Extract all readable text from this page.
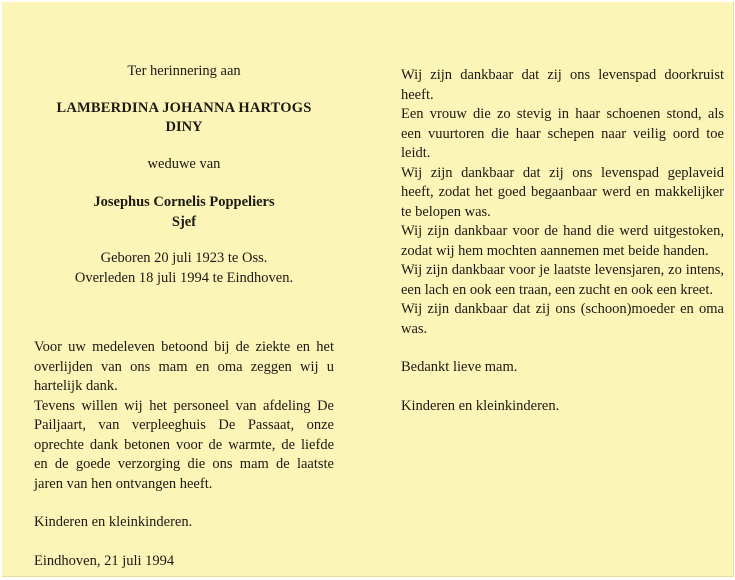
Ter herinnering aan
LAMBERDINA JOHANNA HARTOGS
DINY
weduwe van
Josephus Cornelis Poppeliers
Sjef
Geboren 20 juli 1923 te Oss.
Overleden 18 juli 1994 te Eindhoven.
Voor uw medeleven betoond bij de ziekte en het overlijden van ons mam en oma zeggen wij u hartelijk dank.
Tevens willen wij het personeel van afdeling De Pailjaart, van verpleeghuis De Passaat, onze oprechte dank betonen voor de warmte, de liefde en de goede verzorging die ons mam de laatste jaren van hen ontvangen heeft.
Kinderen en kleinkinderen.
Eindhoven, 21 juli 1994
Wij zijn dankbaar dat zij ons levenspad doorkruist heeft.
Een vrouw die zo stevig in haar schoenen stond, als een vuurtoren die haar schepen naar veilig oord toe leidt.
Wij zijn dankbaar dat zij ons levenspad geplaveid heeft, zodat het goed begaanbaar werd en makkelijker te belopen was.
Wij zijn dankbaar voor de hand die werd uitgestoken, zodat wij hem mochten aannemen met beide handen.
Wij zijn dankbaar voor je laatste levensjaren, zo intens, een lach en ook een traan, een zucht en ook een kreet.
Wij zijn dankbaar dat zij ons (schoon)moeder en oma was.
Bedankt lieve mam.
Kinderen en kleinkinderen.
